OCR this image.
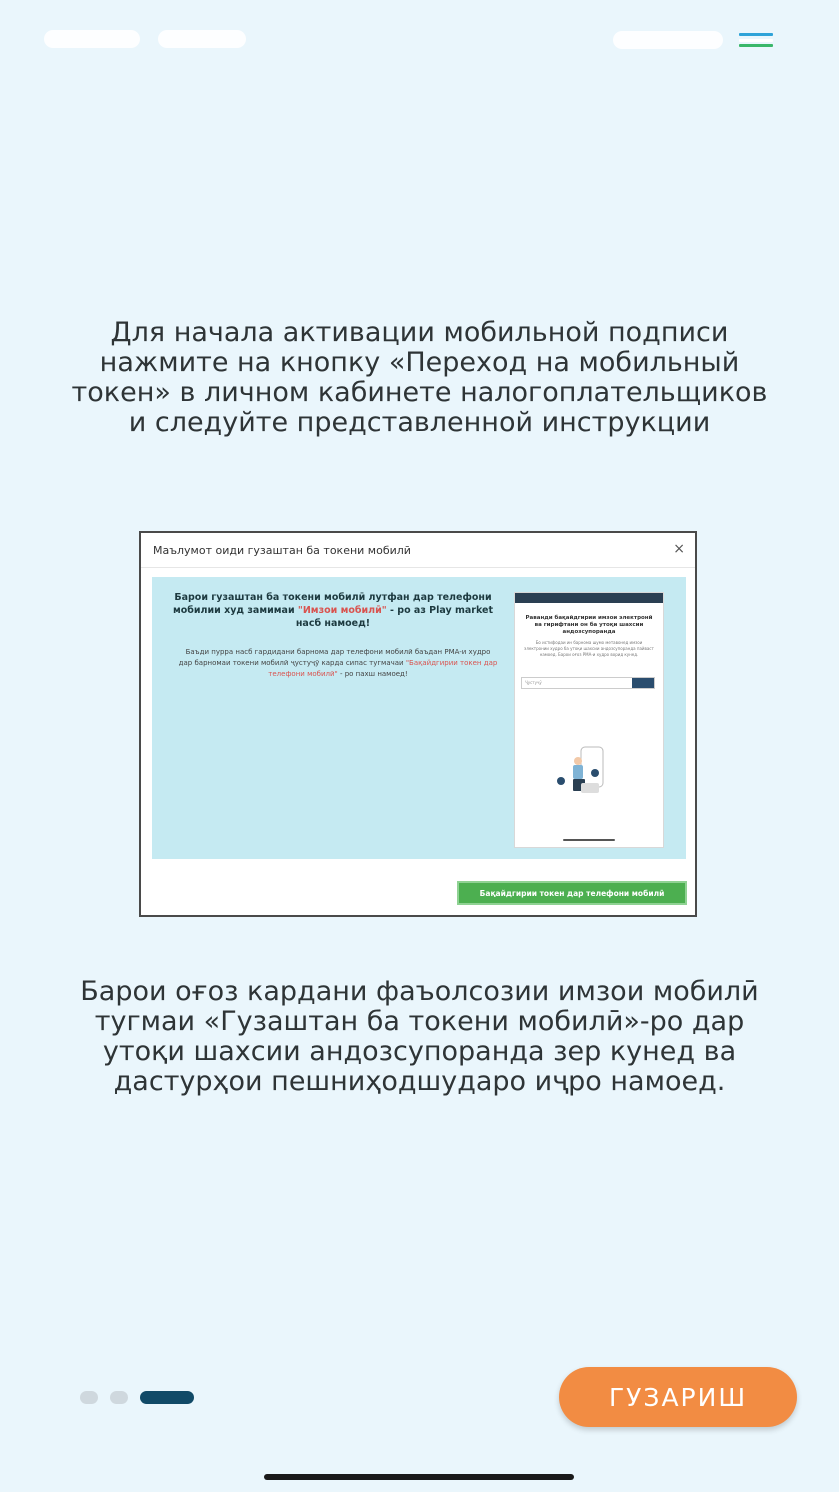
Для начала активации мобильной подписи нажмите на кнопку «Переход на мобильный токен» в личном кабинете налогоплательщиков и следуйте представленной инструкции

Маълумот оиди гузаштан ба токени мобилӣ	×
Барои гузаштан ба токени мобилӣ лутфан дар телефони мобилии худ замимаи "Имзои мобилӣ" - ро аз Play market насб намоед!
Баъди пурра насб гардидани барнома дар телефони мобилӣ баъдан PMA-и худро дар барномаи токени мобилӣ ҷустуҷӯ карда сипас тугмачаи "Бақайдгирии токен дар телефони мобилӣ" - ро пахш намоед!
Раванди бақайдгирии имзои электронӣ ва гирифтани он ба утоқи шахсии андозсупоранда
Бо истифодаи ин барнома шумо метавонед имзои электронии худро ба утоқи шахсии андозсупоранда пайваст намоед. Барои оғоз РМА-и худро ворид кунед.
Ҷустуҷӯ
Бақайдгирии токен дар телефони мобилӣ

Барои оғоз кардани фаъолсозии имзои мобилӣ тугмаи «Гузаштан ба токени мобилӣ»-ро дар утоқи шахсии андозсупоранда зер кунед ва дастурҳои пешниҳодшударо иҷро намоед.

ГУЗАРИШ
